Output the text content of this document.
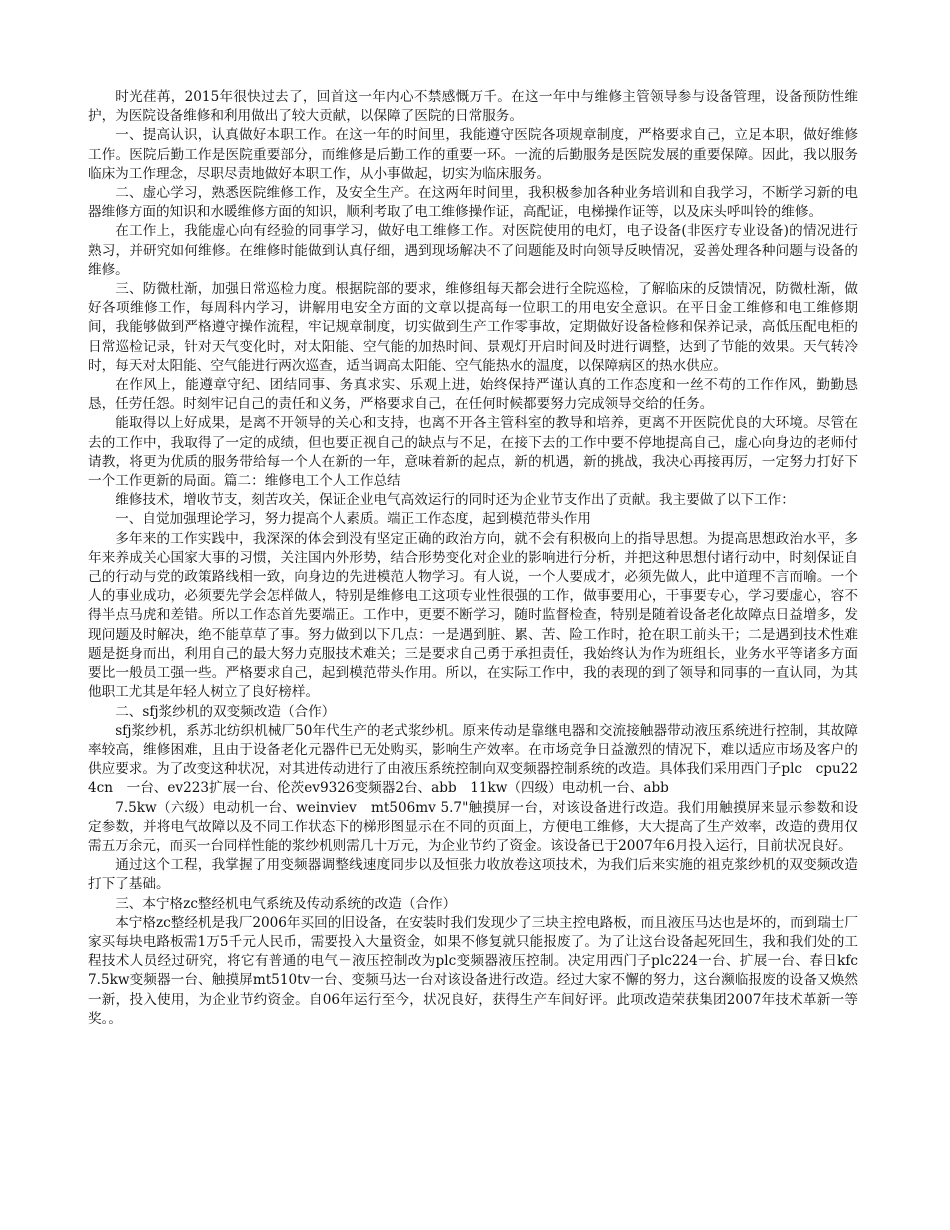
时光荏苒，2015年很快过去了，回首这一年内心不禁感慨万千。在这一年中与维修主管领导参与设备管理，设备预防性维护，为医院设备维修和利用做出了较大贡献，以保障了医院的日常服务。

一、提高认识，认真做好本职工作。在这一年的时间里，我能遵守医院各项规章制度，严格要求自己，立足本职，做好维修工作。医院后勤工作是医院重要部分，而维修是后勤工作的重要一环。一流的后勤服务是医院发展的重要保障。因此，我以服务临床为工作理念，尽职尽责地做好本职工作，从小事做起，切实为临床服务。

二、虚心学习，熟悉医院维修工作，及安全生产。在这两年时间里，我积极参加各种业务培训和自我学习，不断学习新的电器维修方面的知识和水暖维修方面的知识，顺利考取了电工维修操作证，高配证，电梯操作证等，以及床头呼叫铃的维修。

在工作上，我能虚心向有经验的同事学习，做好电工维修工作。对医院使用的电灯，电子设备(非医疗专业设备)的情况进行熟习，并研究如何维修。在维修时能做到认真仔细，遇到现场解决不了问题能及时向领导反映情况，妥善处理各种问题与设备的维修。

三、防微杜渐，加强日常巡检力度。根据院部的要求，维修组每天都会进行全院巡检，了解临床的反馈情况，防微杜渐，做好各项维修工作，每周科内学习，讲解用电安全方面的文章以提高每一位职工的用电安全意识。在平日金工维修和电工维修期间，我能够做到严格遵守操作流程，牢记规章制度，切实做到生产工作零事故，定期做好设备检修和保养记录，高低压配电柜的日常巡检记录，针对天气变化时，对太阳能、空气能的加热时间、景观灯开启时间及时进行调整，达到了节能的效果。天气转冷时，每天对太阳能、空气能进行两次巡查，适当调高太阳能、空气能热水的温度，以保障病区的热水供应。

在作风上，能遵章守纪、团结同事、务真求实、乐观上进，始终保持严谨认真的工作态度和一丝不苟的工作作风，勤勤恳恳，任劳任怨。时刻牢记自己的责任和义务，严格要求自己，在任何时候都要努力完成领导交给的任务。

能取得以上好成果，是离不开领导的关心和支持，也离不开各主管科室的教导和培养，更离不开医院优良的大环境。尽管在去的工作中，我取得了一定的成绩，但也要正视自己的缺点与不足，在接下去的工作中要不停地提高自己，虚心向身边的老师付请教，将更为优质的服务带给每一个人在新的一年，意味着新的起点，新的机遇，新的挑战，我决心再接再厉，一定努力打好下一个工作更新的局面。篇二：维修电工个人工作总结

维修技术，增收节支，刻苦攻关，保证企业电气高效运行的同时还为企业节支作出了贡献。我主要做了以下工作：

一、自觉加强理论学习，努力提高个人素质。端正工作态度，起到模范带头作用

多年来的工作实践中，我深深的体会到没有坚定正确的政治方向，就不会有积极向上的指导思想。为提高思想政治水平，多年来养成关心国家大事的习惯，关注国内外形势，结合形势变化对企业的影响进行分析，并把这种思想付诸行动中，时刻保证自己的行动与党的政策路线相一致，向身边的先进模范人物学习。有人说，一个人要成才，必须先做人，此中道理不言而喻。一个人的事业成功，必须要先学会怎样做人，特别是维修电工这项专业性很强的工作，做事要用心，干事要专心，学习要虚心，容不得半点马虎和差错。所以工作态首先要端正。工作中，更要不断学习，随时监督检查，特别是随着设备老化故障点日益增多，发现问题及时解决，绝不能草草了事。努力做到以下几点：一是遇到脏、累、苦、险工作时，抢在职工前头干；二是遇到技术性难题是挺身而出，利用自己的最大努力克服技术难关；三是要求自己勇于承担责任，我始终认为作为班组长，业务水平等诸多方面要比一般员工强一些。严格要求自己，起到模范带头作用。所以，在实际工作中，我的表现的到了领导和同事的一直认同，为其他职工尤其是年轻人树立了良好榜样。

二、sfj浆纱机的双变频改造（合作）

sfj浆纱机，系苏北纺织机械厂50年代生产的老式浆纱机。原来传动是靠继电器和交流接触器带动液压系统进行控制，其故障率较高，维修困难，且由于设备老化元器件已无处购买，影响生产效率。在市场竞争日益激烈的情况下，难以适应市场及客户的供应要求。为了改变这种状况，对其进传动进行了由液压系统控制向双变频器控制系统的改造。具体我们采用西门子plc　cpu224cn　一台、ev223扩展一台、伦茨ev9326变频器2台、abb　11kw（四级）电动机一台、abb

7.5kw（六级）电动机一台、weinviev　mt506mv 5.7"触摸屏一台，对该设备进行改造。我们用触摸屏来显示参数和设定参数，并将电气故障以及不同工作状态下的梯形图显示在不同的页面上，方便电工维修，大大提高了生产效率，改造的费用仅需五万余元，而买一台同样性能的浆纱机则需几十万元，为企业节约了资金。该设备已于2007年6月投入运行，目前状况良好。

通过这个工程，我掌握了用变频器调整线速度同步以及恒张力收放卷这项技术，为我们后来实施的祖克浆纱机的双变频改造打下了基础。

三、本宁格zc整经机电气系统及传动系统的改造（合作）

本宁格zc整经机是我厂2006年买回的旧设备，在安装时我们发现少了三块主控电路板，而且液压马达也是坏的，而到瑞士厂家买每块电路板需1万5千元人民币，需要投入大量资金，如果不修复就只能报废了。为了让这台设备起死回生，我和我们处的工程技术人员经过研究，将它有普通的电气－液压控制改为plc变频器液压控制。决定用西门子plc224一台、扩展一台、春日kfc 7.5kw变频器一台、触摸屏mt510tv一台、变频马达一台对该设备进行改造。经过大家不懈的努力，这台濒临报废的设备又焕然一新，投入使用，为企业节约资金。自06年运行至今，状况良好，获得生产车间好评。此项改造荣获集团2007年技术革新一等奖。。
